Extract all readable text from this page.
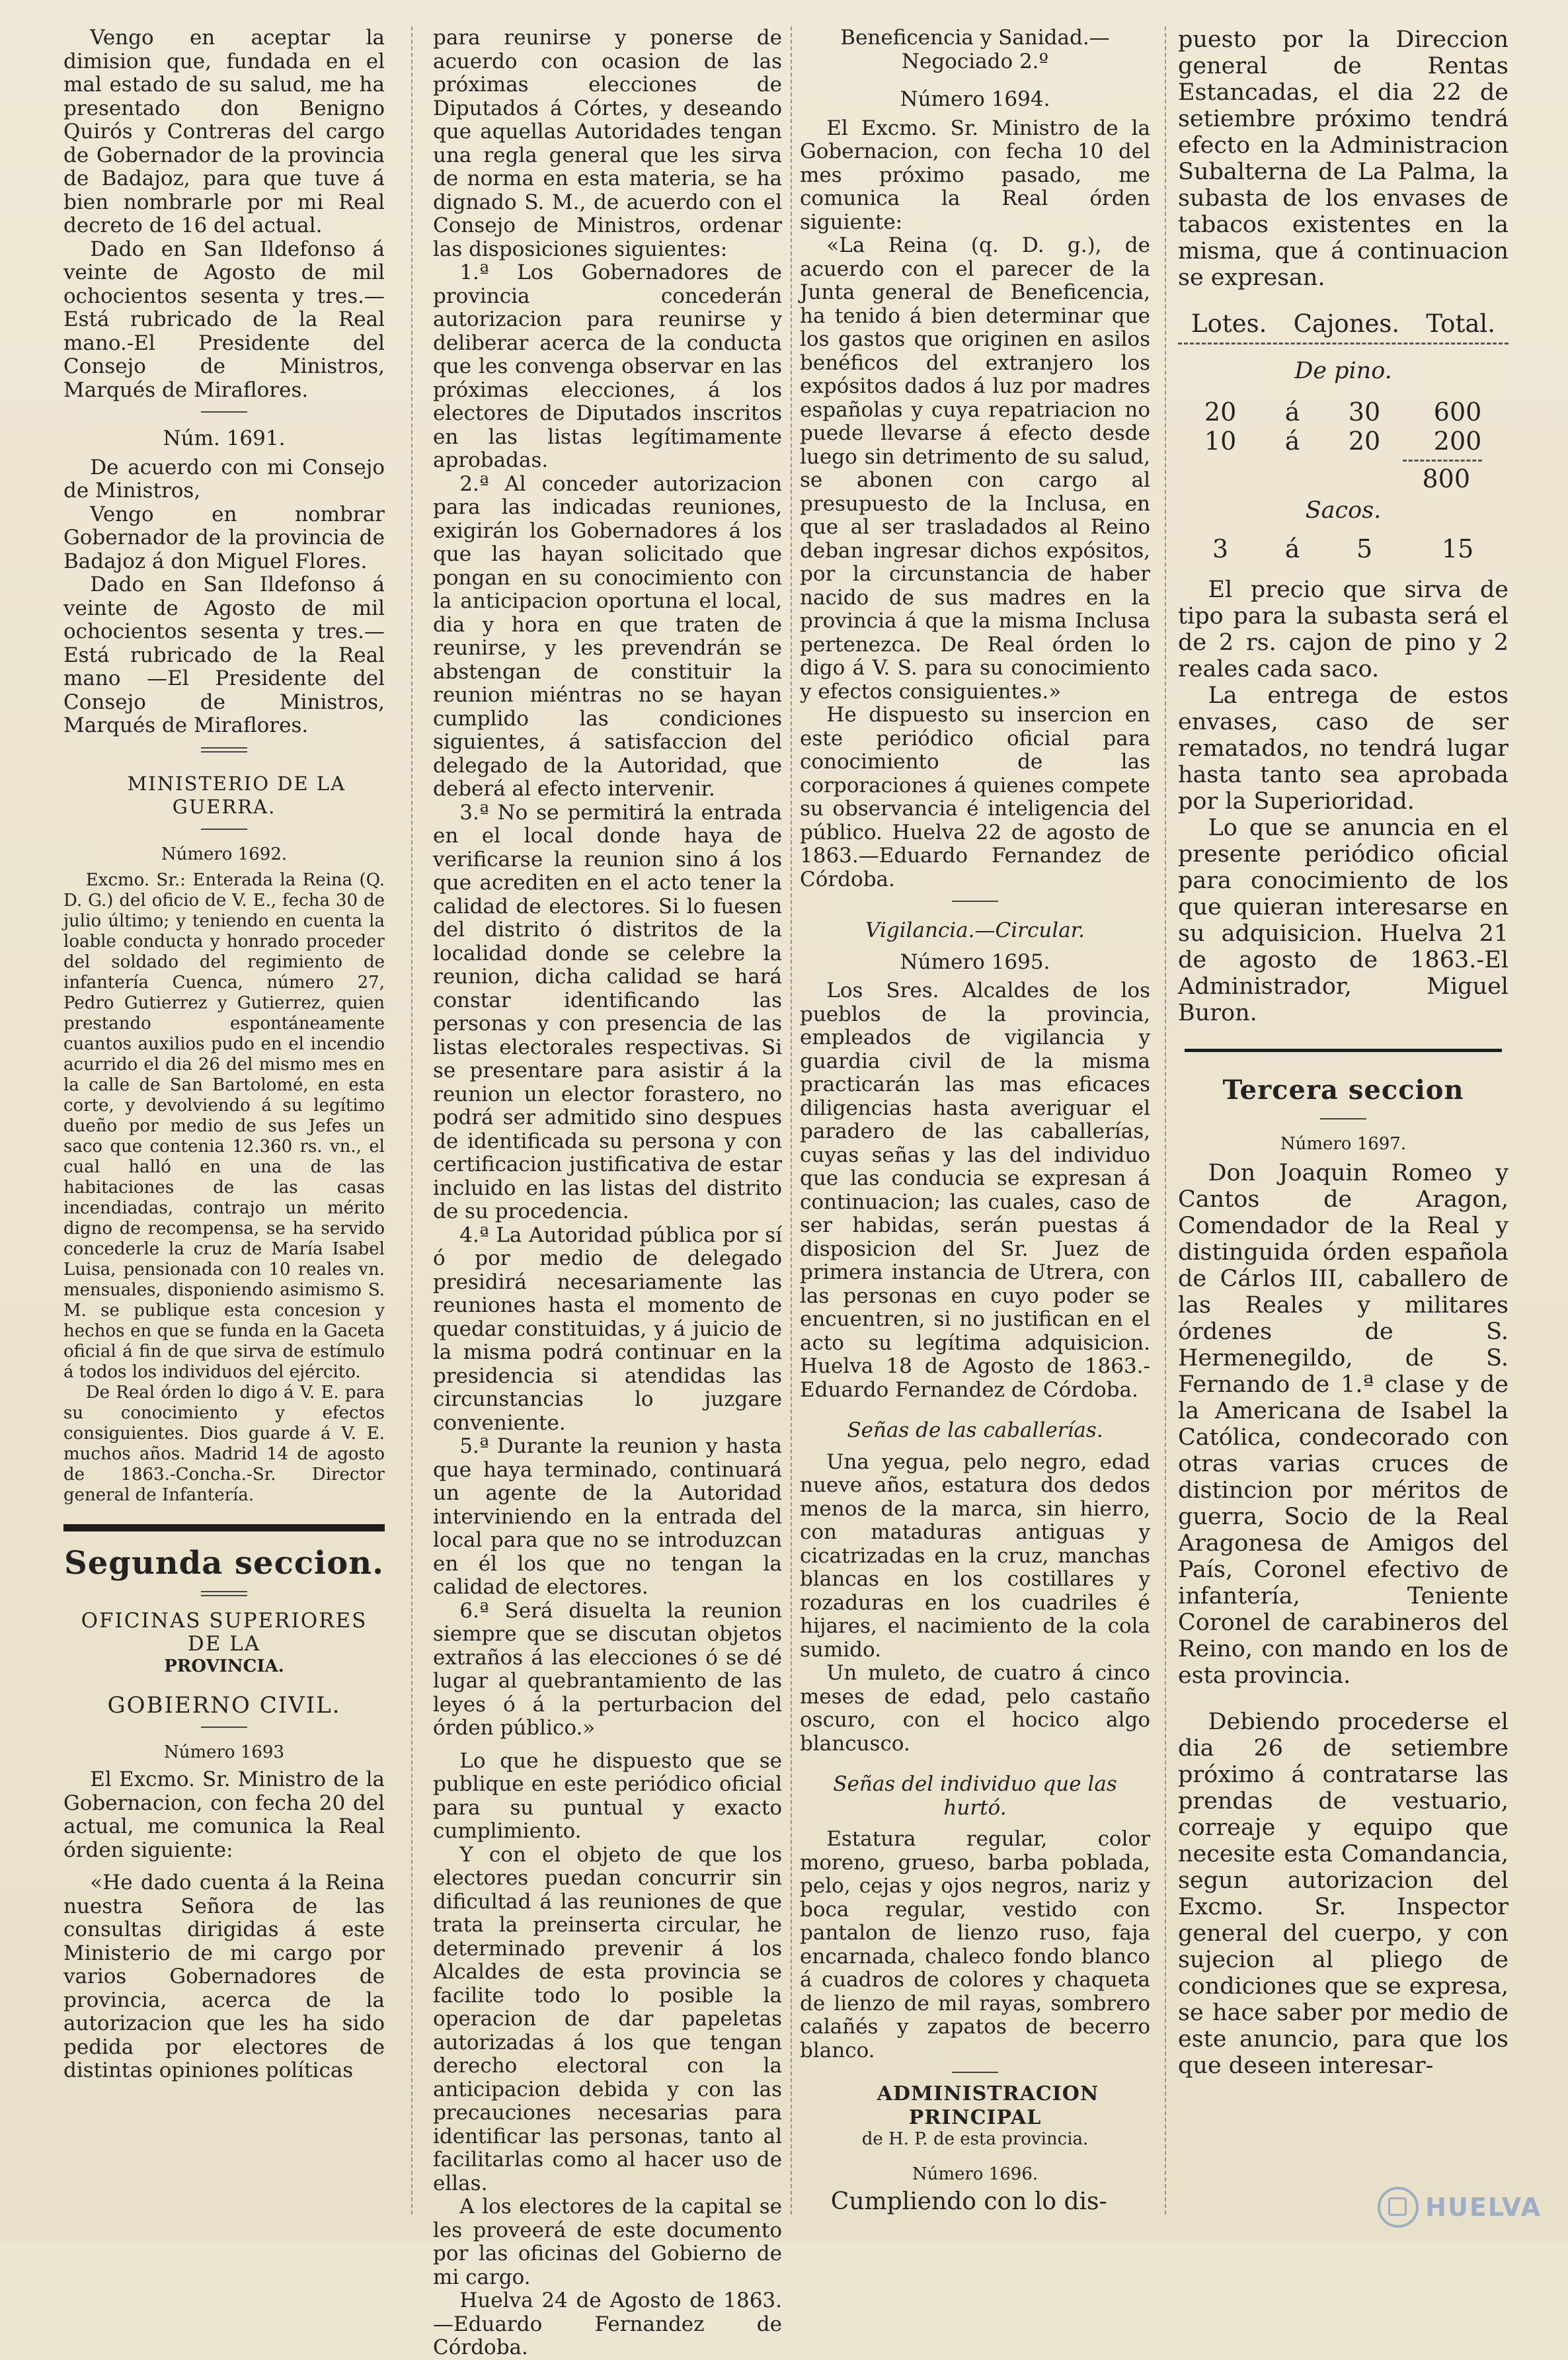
Vengo en aceptar la dimision que, fundada en el mal estado de su salud, me ha presentado don Benigno Quirós y Contreras del cargo de Gobernador de la provincia de Badajoz, para que tuve á bien nombrarle por mi Real decreto de 16 del actual.

Dado en San Ildefonso á veinte de Agosto de mil ochocientos sesenta y tres.—Está rubricado de la Real mano.-El Presidente del Consejo de Ministros, Marqués de Miraflores.

Núm. 1691.

De acuerdo con mi Consejo de Ministros,

Vengo en nombrar Gobernador de la provincia de Badajoz á don Miguel Flores.

Dado en San Ildefonso á veinte de Agosto de mil ochocientos sesenta y tres.—Está rubricado de la Real mano —El Presidente del Consejo de Ministros, Marqués de Miraflores.

MINISTERIO DE LA GUERRA.

Número 1692.

Excmo. Sr.: Enterada la Reina (Q. D. G.) del oficio de V. E., fecha 30 de julio último; y teniendo en cuenta la loable conducta y honrado proceder del soldado del regimiento de infantería Cuenca, número 27, Pedro Gutierrez y Gutierrez, quien prestando espontáneamente cuantos auxilios pudo en el incendio acurrido el dia 26 del mismo mes en la calle de San Bartolomé, en esta corte, y devolviendo á su legítimo dueño por medio de sus Jefes un saco que contenia 12.360 rs. vn., el cual halló en una de las habitaciones de las casas incendiadas, contrajo un mérito digno de recompensa, se ha servido concederle la cruz de María Isabel Luisa, pensionada con 10 reales vn. mensuales, disponiendo asimismo S. M. se publique esta concesion y hechos en que se funda en la Gaceta oficial á fin de que sirva de estímulo á todos los individuos del ejército.

De Real órden lo digo á V. E. para su conocimiento y efectos consiguientes. Dios guarde á V. E. muchos años. Madrid 14 de agosto de 1863.-Concha.-Sr. Director general de Infantería.

Segunda seccion.

OFICINAS SUPERIORES DE LA

PROVINCIA.

GOBIERNO CIVIL.

Número 1693

El Excmo. Sr. Ministro de la Gobernacion, con fecha 20 del actual, me comunica la Real órden siguiente:

«He dado cuenta á la Reina nuestra Señora de las consultas dirigidas á este Ministerio de mi cargo por varios Gobernadores de provincia, acerca de la autorizacion que les ha sido pedida por electores de distintas opiniones políticas

para reunirse y ponerse de acuerdo con ocasion de las próximas elecciones de Diputados á Córtes, y deseando que aquellas Autoridades tengan una regla general que les sirva de norma en esta materia, se ha dignado S. M., de acuerdo con el Consejo de Ministros, ordenar las disposiciones siguientes:

1.ª Los Gobernadores de provincia concederán autorizacion para reunirse y deliberar acerca de la conducta que les convenga observar en las próximas elecciones, á los electores de Diputados inscritos en las listas legítimamente aprobadas.

2.ª Al conceder autorizacion para las indicadas reuniones, exigirán los Gobernadores á los que las hayan solicitado que pongan en su conocimiento con la anticipacion oportuna el local, dia y hora en que traten de reunirse, y les prevendrán se abstengan de constituir la reunion miéntras no se hayan cumplido las condiciones siguientes, á satisfaccion del delegado de la Autoridad, que deberá al efecto intervenir.

3.ª No se permitirá la entrada en el local donde haya de verificarse la reunion sino á los que acrediten en el acto tener la calidad de electores. Si lo fuesen del distrito ó distritos de la localidad donde se celebre la reunion, dicha calidad se hará constar identificando las personas y con presencia de las listas electorales respectivas. Si se presentare para asistir á la reunion un elector forastero, no podrá ser admitido sino despues de identificada su persona y con certificacion justificativa de estar incluido en las listas del distrito de su procedencia.

4.ª La Autoridad pública por sí ó por medio de delegado presidirá necesariamente las reuniones hasta el momento de quedar constituidas, y á juicio de la misma podrá continuar en la presidencia si atendidas las circunstancias lo juzgare conveniente.

5.ª Durante la reunion y hasta que haya terminado, continuará un agente de la Autoridad interviniendo en la entrada del local para que no se introduzcan en él los que no tengan la calidad de electores.

6.ª Será disuelta la reunion siempre que se discutan objetos extraños á las elecciones ó se dé lugar al quebrantamiento de las leyes ó á la perturbacion del órden público.»

Lo que he dispuesto que se publique en este periódico oficial para su puntual y exacto cumplimiento.

Y con el objeto de que los electores puedan concurrir sin dificultad á las reuniones de que trata la preinserta circular, he determinado prevenir á los Alcaldes de esta provincia se facilite todo lo posible la operacion de dar papeletas autorizadas á los que tengan derecho electoral con la anticipacion debida y con las precauciones necesarias para identificar las personas, tanto al facilitarlas como al hacer uso de ellas.

A los electores de la capital se les proveerá de este documento por las oficinas del Gobierno de mi cargo.

Huelva 24 de Agosto de 1863. —Eduardo Fernandez de Córdoba.

Beneficencia y Sanidad.—Negociado 2.º

Número 1694.

El Excmo. Sr. Ministro de la Gobernacion, con fecha 10 del mes próximo pasado, me comunica la Real órden siguiente:

«La Reina (q. D. g.), de acuerdo con el parecer de la Junta general de Beneficencia, ha tenido á bien determinar que los gastos que originen en asilos benéficos del extranjero los expósitos dados á luz por madres españolas y cuya repatriacion no puede llevarse á efecto desde luego sin detrimento de su salud, se abonen con cargo al presupuesto de la Inclusa, en que al ser trasladados al Reino deban ingresar dichos expósitos, por la circunstancia de haber nacido de sus madres en la provincia á que la misma Inclusa pertenezca. De Real órden lo digo á V. S. para su conocimiento y efectos consiguientes.»

He dispuesto su insercion en este periódico oficial para conocimiento de las corporaciones á quienes compete su observancia é inteligencia del público. Huelva 22 de agosto de 1863.—Eduardo Fernandez de Córdoba.

Vigilancia.—Circular.

Número 1695.

Los Sres. Alcaldes de los pueblos de la provincia, empleados de vigilancia y guardia civil de la misma practicarán las mas eficaces diligencias hasta averiguar el paradero de las caballerías, cuyas señas y las del individuo que las conducia se expresan á continuacion; las cuales, caso de ser habidas, serán puestas á disposicion del Sr. Juez de primera instancia de Utrera, con las personas en cuyo poder se encuentren, si no justifican en el acto su legítima adquisicion. Huelva 18 de Agosto de 1863.-Eduardo Fernandez de Córdoba.

Señas de las caballerías.

Una yegua, pelo negro, edad nueve años, estatura dos dedos menos de la marca, sin hierro, con mataduras antiguas y cicatrizadas en la cruz, manchas blancas en los costillares y rozaduras en los cuadriles é hijares, el nacimiento de la cola sumido.

Un muleto, de cuatro á cinco meses de edad, pelo castaño oscuro, con el hocico algo blancusco.

Señas del individuo que las hurtó.

Estatura regular, color moreno, grueso, barba poblada, pelo, cejas y ojos negros, nariz y boca regular, vestido con pantalon de lienzo ruso, faja encarnada, chaleco fondo blanco á cuadros de colores y chaqueta de lienzo de mil rayas, sombrero calañés y zapatos de becerro blanco.

ADMINISTRACION PRINCIPAL

de H. P. de esta provincia.

Número 1696.

Cumpliendo con lo dis-

puesto por la Direccion general de Rentas Estancadas, el dia 22 de setiembre próximo tendrá efecto en la Administracion Subalterna de La Palma, la subasta de los envases de tabacos existentes en la misma, que á continuacion se expresan.

Lotes. Cajones. Total.

De pino.

20	á	30	600
10	á	20	200
800

Sacos.

3	á	5	15

El precio que sirva de tipo para la subasta será el de 2 rs. cajon de pino y 2 reales cada saco.

La entrega de estos envases, caso de ser rematados, no tendrá lugar hasta tanto sea aprobada por la Superioridad.

Lo que se anuncia en el presente periódico oficial para conocimiento de los que quieran interesarse en su adquisicion. Huelva 21 de agosto de 1863.-El Administrador, Miguel Buron.

Tercera seccion

Número 1697.

Don Joaquin Romeo y Cantos de Aragon, Comendador de la Real y distinguida órden española de Cárlos III, caballero de las Reales y militares órdenes de S. Hermenegildo, de S. Fernando de 1.ª clase y de la Americana de Isabel la Católica, condecorado con otras varias cruces de distincion por méritos de guerra, Socio de la Real Aragonesa de Amigos del País, Coronel efectivo de infantería, Teniente Coronel de carabineros del Reino, con mando en los de esta provincia.

Debiendo procederse el dia 26 de setiembre próximo á contratarse las prendas de vestuario, correaje y equipo que necesite esta Comandancia, segun autorizacion del Excmo. Sr. Inspector general del cuerpo, y con sujecion al pliego de condiciones que se expresa, se hace saber por medio de este anuncio, para que los que deseen interesar-

HUELVA
